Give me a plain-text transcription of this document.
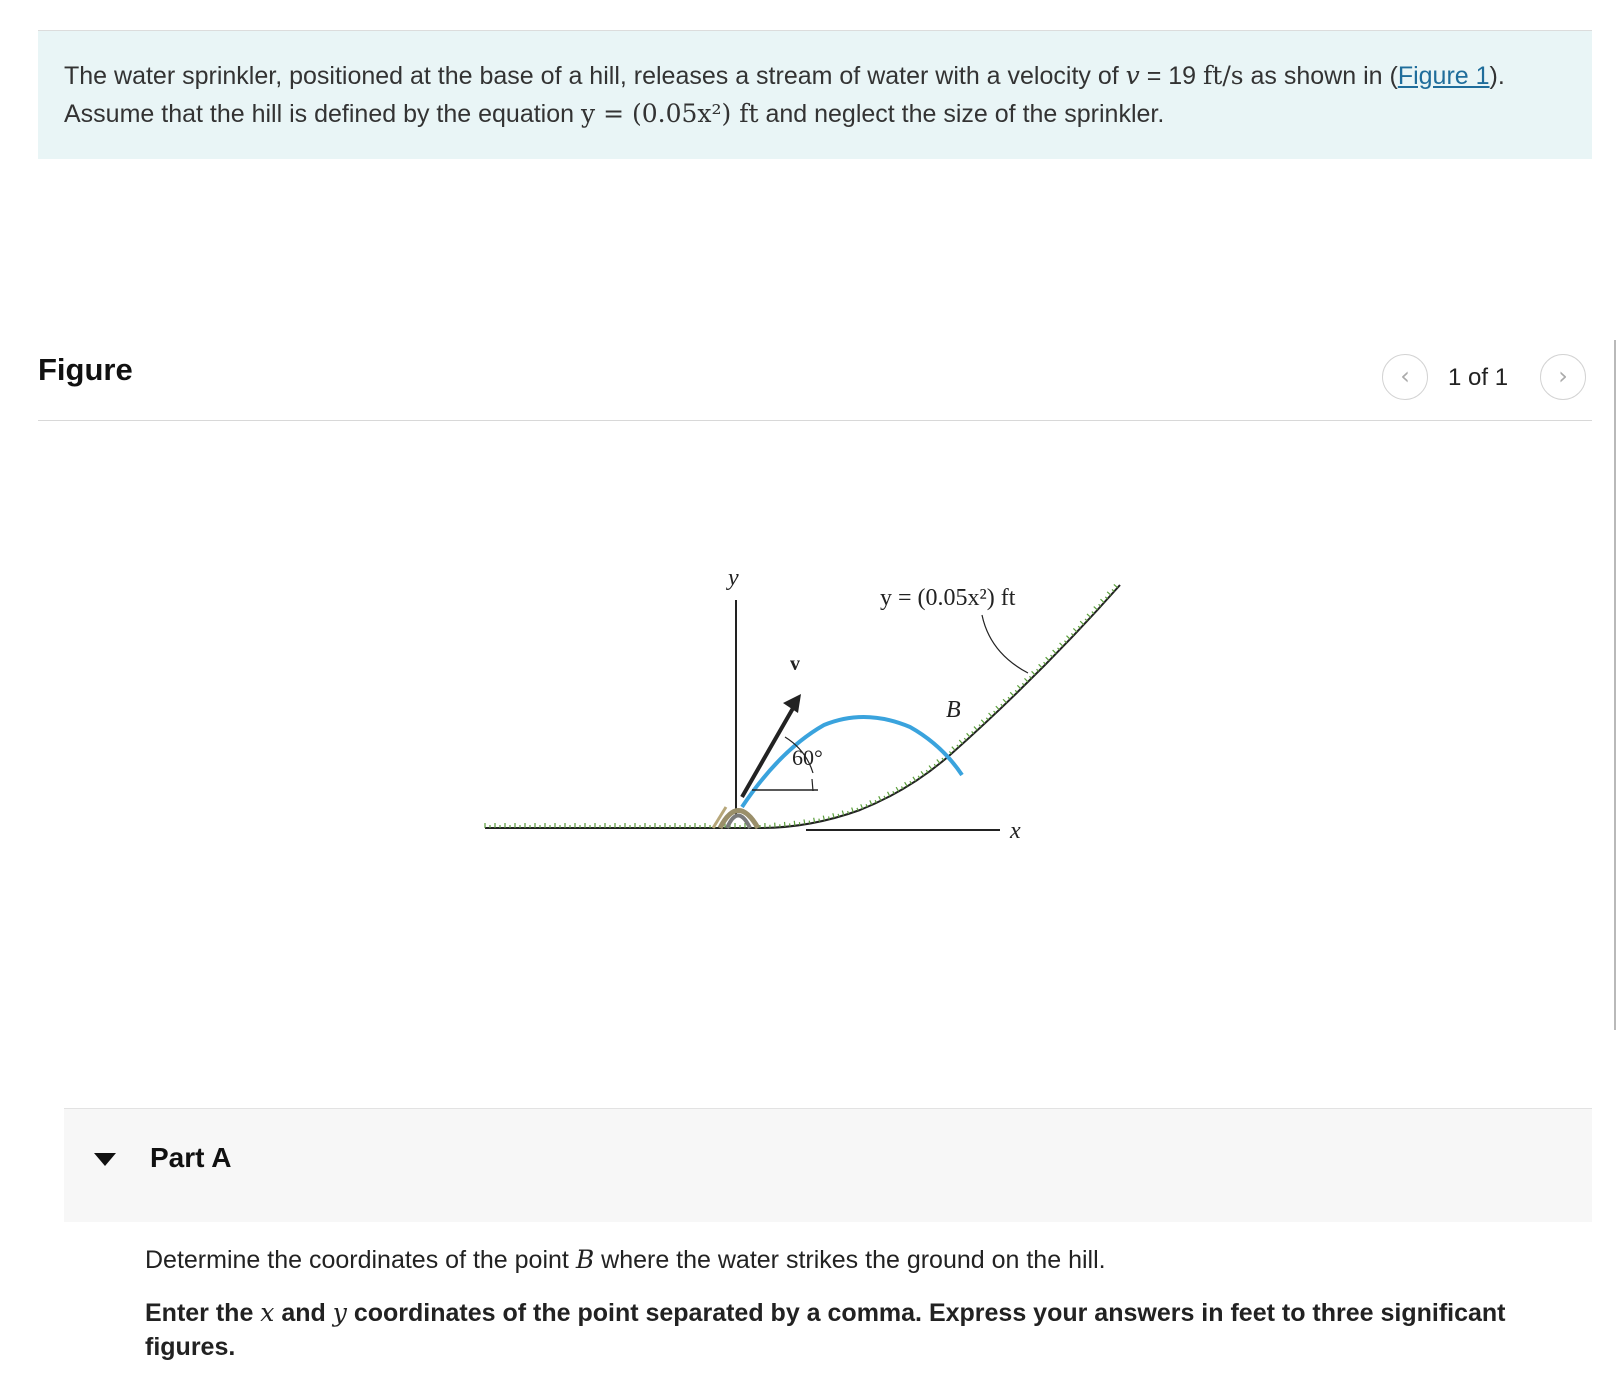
The water sprinkler, positioned at the base of a hill, releases a stream of water with a velocity of v = 19 ft/s as shown in (Figure 1). Assume that the hill is defined by the equation y = (0.05x²) ft and neglect the size of the sprinkler.
Figure	‹	1 of 1	›
y
x
v
60°
B
y = (0.05x²) ft
Part A
Determine the coordinates of the point B where the water strikes the ground on the hill.
Enter the x and y coordinates of the point separated by a comma. Express your answers in feet to three significant figures.
